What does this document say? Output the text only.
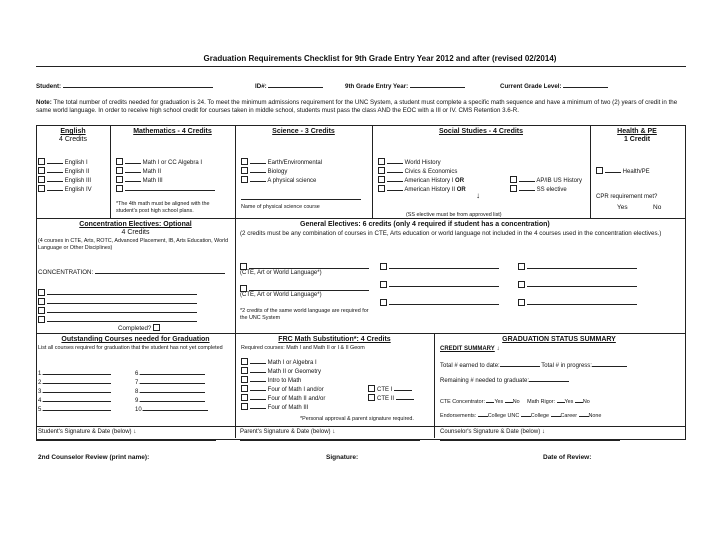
Graduation Requirements Checklist for 9th Grade Entry Year 2012 and after (revised 02/2014)
Student:	ID#:	9th Grade Entry Year:	Current Grade Level:
Note: The total number of credits needed for graduation is 24. To meet the minimum admissions requirement for the UNC System, a student must complete a specific math sequence and have a minimum of two (2) years of credit in the same world language. In order to receive high school credit for courses taken in middle school, students must pass the class AND the EOC with a III or IV. CMS Retention 3.6-R.
English
4 Credits
English I
English II
English III
English IV
Mathematics - 4 Credits
Math I or CC Algebra I
Math II
Math III
*The 4th math must be aligned with the student's post high school plans.
Science - 3 Credits
Earth/Environmental
Biology
A physical science
Name of physical science course
Social Studies - 4 Credits
World History
Civics & Economics
American History I OR
American History II OR
AP/IB US History
SS elective
↓
(SS elective must be from approved list)
Health & PE
1 Credit
Health/PE
CPR requirement met?
Yes	No
Concentration Electives: Optional
4 Credits
(4 courses in CTE, Arts, ROTC, Advanced Placement, IB, Arts Education, World Language or Other Disciplines)
CONCENTRATION:
Completed?
General Electives: 6 credits (only 4 required if student has a concentration)
(2 credits must be any combination of courses in CTE, Arts education or world language not included in the 4 courses used in the concentration electives.)
(CTE, Art or World Language*)
(CTE, Art or World Language*)
*2 credits of the same world language are required for the UNC System
Outstanding Courses needed for Graduation
List all courses required for graduation that the student has not yet completed
1.
2.
3.
4.
5.
6.
7.
8.
9.
10.
FRC Math Substitution*: 4 Credits
Required courses: Math I and Math II or I & II Geom
Math I or Algebra I
Math II or Geometry
Intro to Math
Four of Math I and/or
Four of Math II and/or
Four of Math III
CTE I
CTE II
*Personal approval & parent signature required.
GRADUATION STATUS SUMMARY
CREDIT SUMMARY ↓
Total # earned to date:	Total # in progress:
Remaining # needed to graduate:
CTE Concentrator: Yes No Math Rigor: Yes No
Endorsements: College UNC College Career None
Student's Signature & Date (below) ↓	Parent's Signature & Date (below) ↓	Counselor's Signature & Date (below) ↓
2nd Counselor Review (print name):	Signature:	Date of Review:
